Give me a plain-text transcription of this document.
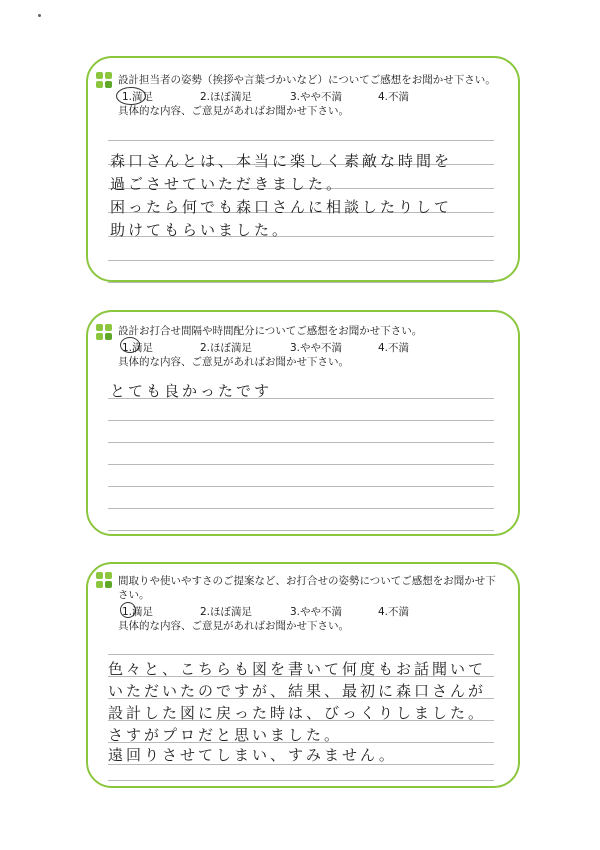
設計担当者の姿勢（挨拶や言葉づかいなど）についてご感想をお聞かせ下さい。
1.満足	2.ほぼ満足	3.やや不満	4.不満
具体的な内容、ご意見があればお聞かせ下さい。
森口さんとは、本当に楽しく素敵な時間を
過ごさせていただきました。
困ったら何でも森口さんに相談したりして
助けてもらいました。
設計お打合せ間隔や時間配分についてご感想をお聞かせ下さい。
1.満足	2.ほぼ満足	3.やや不満	4.不満
具体的な内容、ご意見があればお聞かせ下さい。
とても良かったです
間取りや使いやすさのご提案など、お打合せの姿勢についてご感想をお聞かせ下さい。
1.満足	2.ほぼ満足	3.やや不満	4.不満
具体的な内容、ご意見があればお聞かせ下さい。
色々と、こちらも図を書いて何度もお話聞いて
いただいたのですが、結果、最初に森口さんが
設計した図に戻った時は、びっくりしました。
さすがプロだと思いました。
遠回りさせてしまい、すみません。
